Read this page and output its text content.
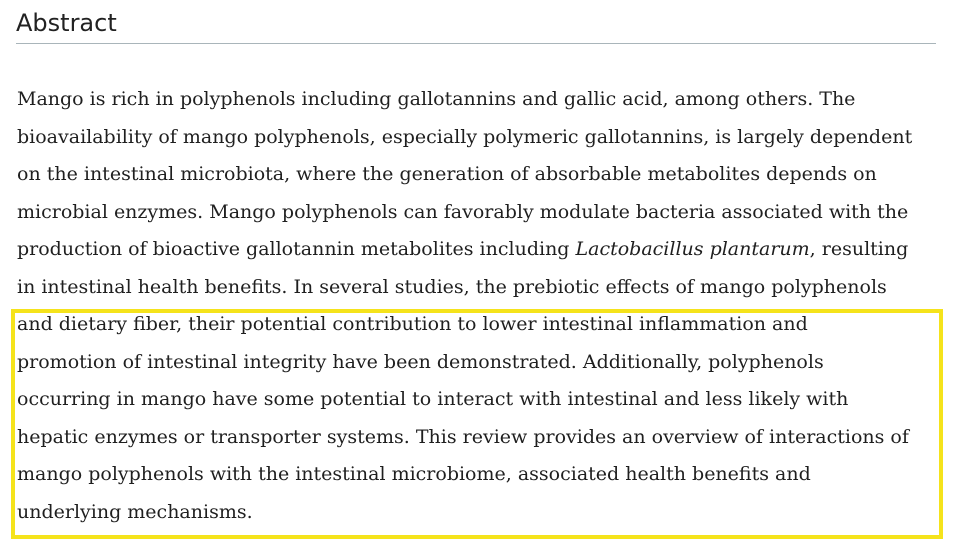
Abstract

Mango is rich in polyphenols including gallotannins and gallic acid, among others. The
bioavailability of mango polyphenols, especially polymeric gallotannins, is largely dependent
on the intestinal microbiota, where the generation of absorbable metabolites depends on
microbial enzymes. Mango polyphenols can favorably modulate bacteria associated with the
production of bioactive gallotannin metabolites including Lactobacillus plantarum, resulting
in intestinal health benefits. In several studies, the prebiotic effects of mango polyphenols
and dietary fiber, their potential contribution to lower intestinal inflammation and
promotion of intestinal integrity have been demonstrated. Additionally, polyphenols
occurring in mango have some potential to interact with intestinal and less likely with
hepatic enzymes or transporter systems. This review provides an overview of interactions of
mango polyphenols with the intestinal microbiome, associated health benefits and
underlying mechanisms.
